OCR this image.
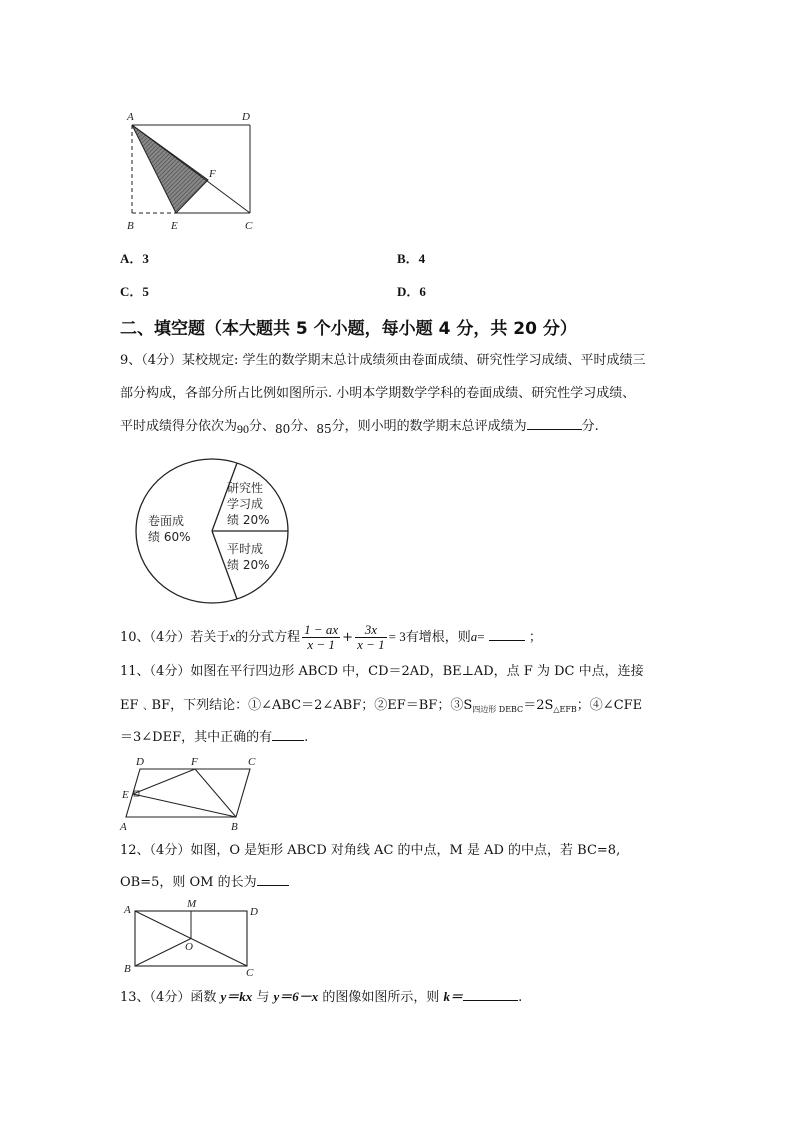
A	D
F
B	E	C
A．3	B．4
C．5	D．6
二、填空题（本大题共 5 个小题，每小题 4 分，共 20 分）
9、（4分）某校规定: 学生的数学期末总计成绩须由卷面成绩、研究性学习成绩、平时成绩三
部分构成，各部分所占比例如图所示. 小明本学期数学学科的卷面成绩、研究性学习成绩、
平时成绩得分依次为90分、80分、85分，则小明的数学期末总评成绩为	分.
卷面成
绩 60%
研究性
学习成
绩 20%
平时成
绩 20%
10、（4分）若关于x的分式方程 $\frac{1 - ax}{x - 1} + \frac{3x}{x - 1} = 3$有增根，则a=	；
11、（4分）如图在平行四边形 ABCD 中，CD＝2AD，BE⊥AD，点 F 为 DC 中点，连接
EF﹑BF，下列结论：①∠ABC＝2∠ABF；②EF＝BF；$③S_{四边形 DEBC}=2S_{\triangle EFB}$；④∠CFE
＝3∠DEF，其中正确的有 .
D	F	C
E
A	B
12、（4分）如图，O 是矩形 ABCD 对角线 AC 的中点，M 是 AD 的中点，若 BC=8,
OB=5，则 OM 的长为
A	M
D
O
B	C
13、（4分）函数 y＝kx 与 y＝6－x 的图像如图所示，则 k＝	.
